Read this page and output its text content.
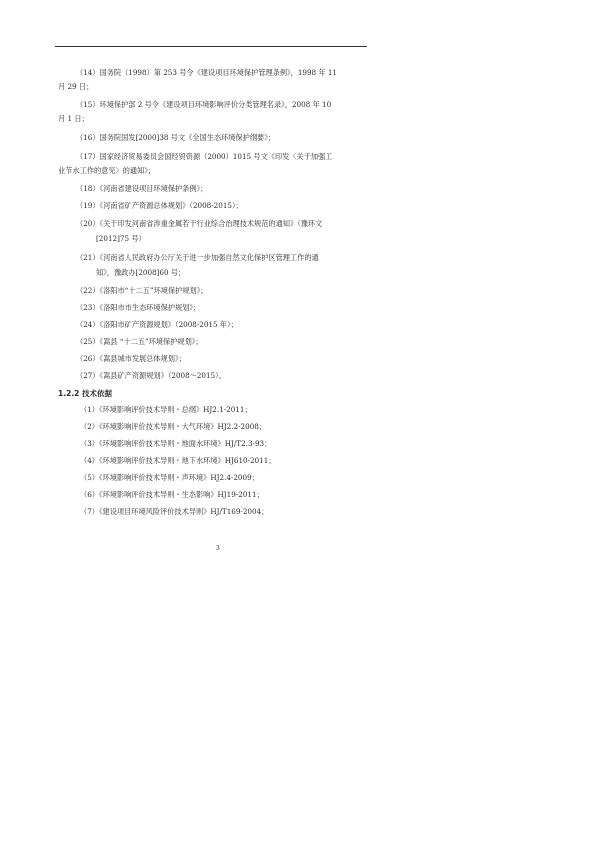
（14）国务院（1998）第 253 号令《建设项目环境保护管理条例》，1998 年 11
月 29 日；
（15）环境保护部 2 号令《建设项目环境影响评价分类管理名录》，2008 年 10
月 1 日；
（16）国务院国发[2000]38 号文《全国生态环境保护纲要》；
（17）国家经济贸易委员会国经贸资源（2000）1015 号文《印发〈关于加强工
业节水工作的意见〉的通知》；
（18）《河南省建设项目环境保护条例》；
（19）《河南省矿产资源总体规划》（2008-2015）；
（20）《关于印发河南省涉重金属若干行业综合治理技术规范的通知》（豫环文
[2012]75 号）
（21）《河南省人民政府办公厅关于进一步加强自然文化保护区管理工作的通
知》，豫政办[2008]60 号；
（22）《洛阳市“十二五”环境保护规划》；
（23）《洛阳市市生态环境保护规划》；
（24）《洛阳市矿产资源规划》（2008-2015 年）；
（25）《嵩县 “十二五”环境保护规划》；
（26）《嵩县城市发展总体规划》；
（27）《嵩县矿产资源规划》（2008～2015）。
1.2.2 技术依据
（1）《环境影响评价技术导则・总纲》HJ2.1-2011；
（2）《环境影响评价技术导则・大气环境》HJ2.2-2008；
（3）《环境影响评价技术导则・地面水环境》HJ/T2.3-93；
（4）《环境影响评价技术导则・地下水环境》HJ610-2011；
（5）《环境影响评价技术导则・声环境》HJ2.4-2009；
（6）《环境影响评价技术导则・生态影响》HJ19-2011；
（7）《建设项目环境风险评价技术导则》HJ/T169-2004；
3
